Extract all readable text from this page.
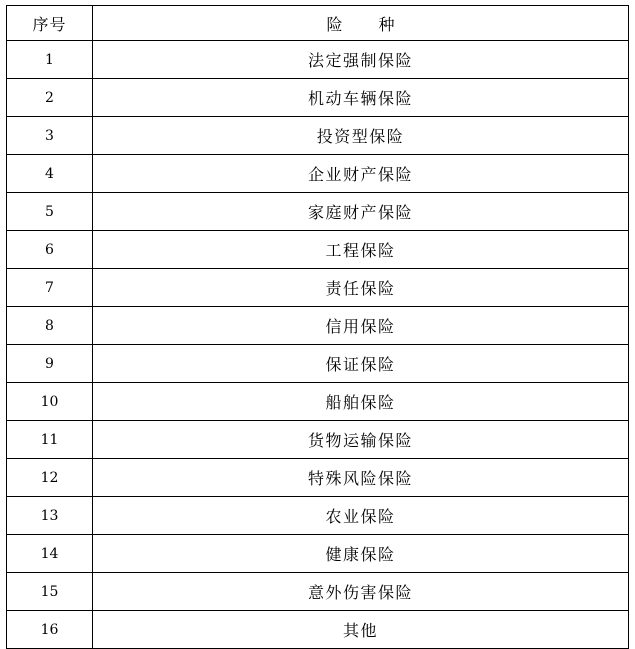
序号	险　种
1	法定强制保险
2	机动车辆保险
3	投资型保险
4	企业财产保险
5	家庭财产保险
6	工程保险
7	责任保险
8	信用保险
9	保证保险
10	船舶保险
11	货物运输保险
12	特殊风险保险
13	农业保险
14	健康保险
15	意外伤害保险
16	其他
